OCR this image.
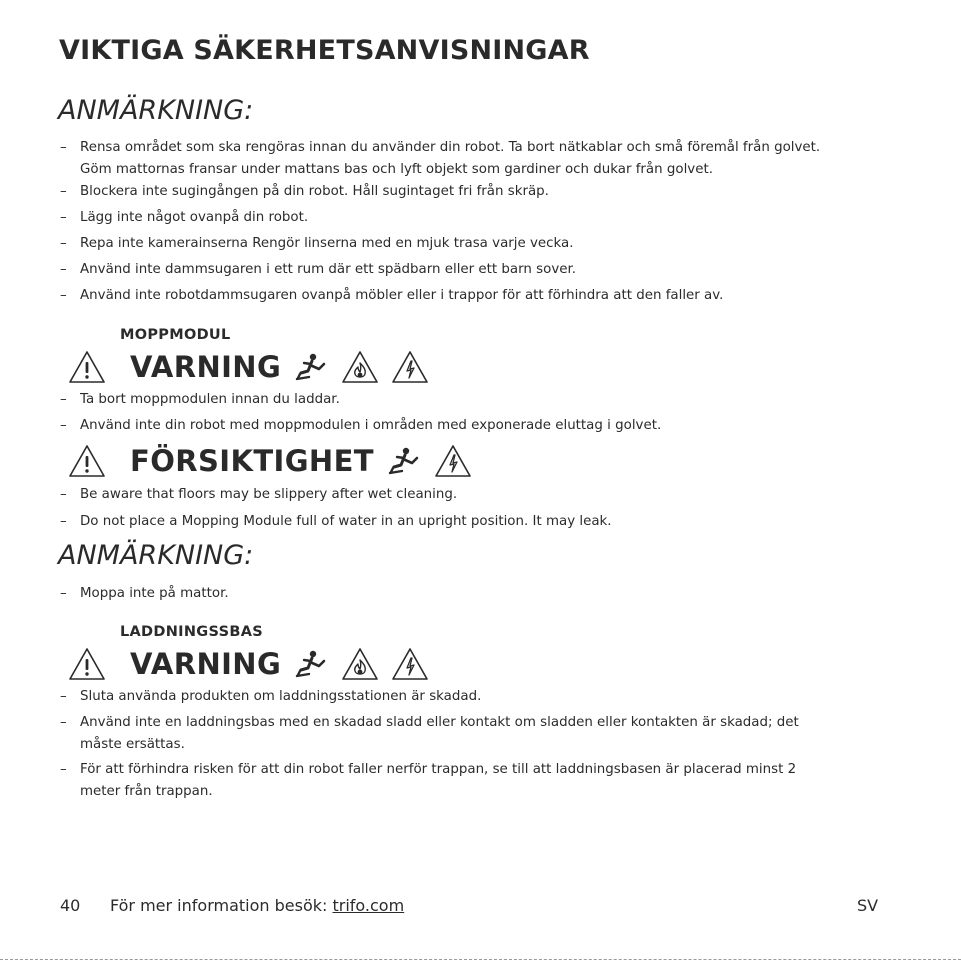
VIKTIGA SÄKERHETSANVISNINGAR
ANMÄRKNING:
– Rensa området som ska rengöras innan du använder din robot. Ta bort nätkablar och små föremål från golvet.
Göm mattornas fransar under mattans bas och lyft objekt som gardiner och dukar från golvet.
– Blockera inte sugingången på din robot. Håll sugintaget fri från skräp.
– Lägg inte något ovanpå din robot.
– Repa inte kamerainserna Rengör linserna med en mjuk trasa varje vecka.
– Använd inte dammsugaren i ett rum där ett spädbarn eller ett barn sover.
– Använd inte robotdammsugaren ovanpå möbler eller i trappor för att förhindra att den faller av.
MOPPMODUL
VARNING
– Ta bort moppmodulen innan du laddar.
– Använd inte din robot med moppmodulen i områden med exponerade eluttag i golvet.
FÖRSIKTIGHET
– Be aware that floors may be slippery after wet cleaning.
– Do not place a Mopping Module full of water in an upright position. It may leak.
ANMÄRKNING:
– Moppa inte på mattor.
LADDNINGSSBAS
VARNING
– Sluta använda produkten om laddningsstationen är skadad.
– Använd inte en laddningsbas med en skadad sladd eller kontakt om sladden eller kontakten är skadad; det
måste ersättas.
– För att förhindra risken för att din robot faller nerför trappan, se till att laddningsbasen är placerad minst 2
meter från trappan.
40 För mer information besök: trifo.com	SV
